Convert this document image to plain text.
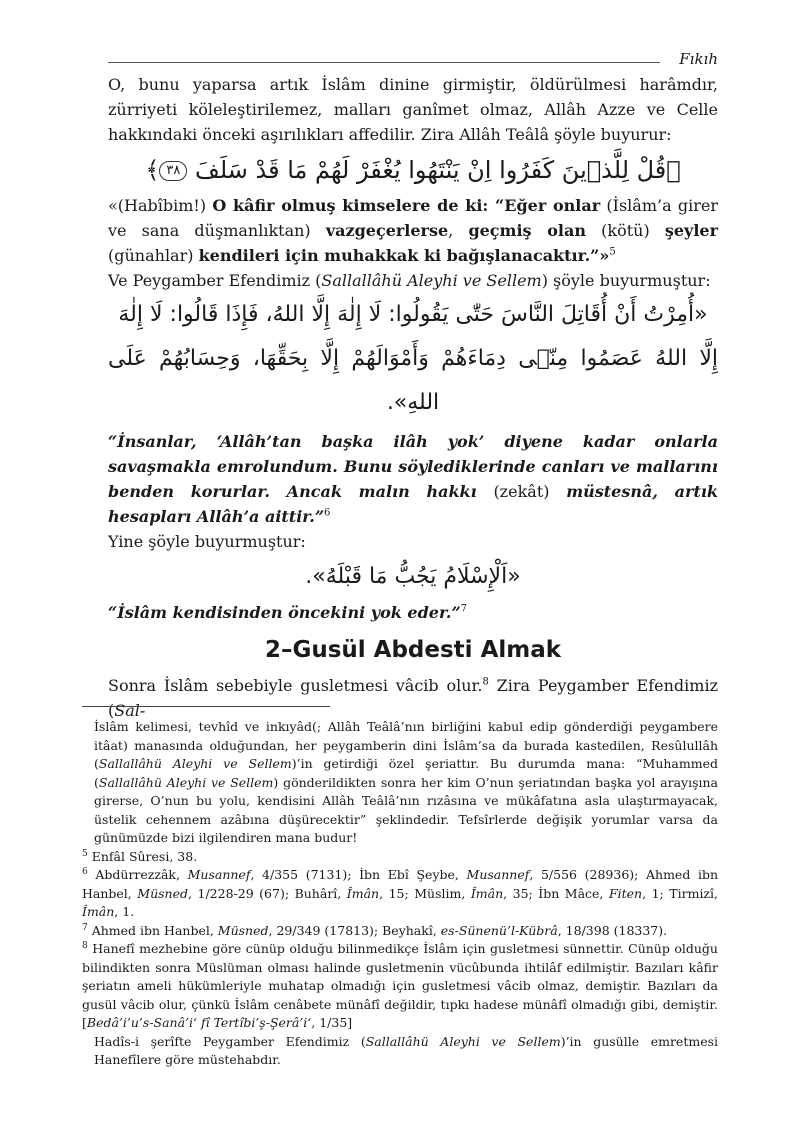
Fıkıh

O, bunu yaparsa artık İslâm dinine girmiştir, öldürülmesi harâmdır, zürriyeti köleleştirilemez, malları ganîmet olmaz, Allâh Azze ve Celle hakkındaki önceki aşırılıkları affedilir. Zira Allâh Teâlâ şöyle buyurur:

﴿قُلْ لِلَّذٖينَ كَفَرُوا اِنْ يَنْتَهُوا يُغْفَرْ لَهُمْ مَا قَدْ سَلَفَ ٣٨﴾

«(Habîbim!) O kâfir olmuş kimselere de ki: “Eğer onlar (İslâm’a girer ve sana düşmanlıktan) vazgeçerlerse, geçmiş olan (kötü) şeyler (günahlar) kendileri için muhakkak ki bağışlanacaktır.”»$^5$

Ve Peygamber Efendimiz (Sallallâhü Aleyhi ve Sellem) şöyle buyurmuştur:

«أُمِرْتُ أَنْ أُقَاتِلَ النَّاسَ حَتّٰى يَقُولُوا: لَا إِلٰهَ إِلَّا اللهُ، فَإِذَا قَالُوا: لَا إِلٰهَ
إِلَّا اللهُ عَصَمُوا مِنّٖى دِمَاءَهُمْ وَأَمْوَالَهُمْ إِلَّا بِحَقِّهَا، وَحِسَابُهُمْ عَلَى اللهِ».

“İnsanlar, ‘Allâh’tan başka ilâh yok’ diyene kadar onlarla savaşmakla emrolundum. Bunu söylediklerinde canları ve mallarını benden korurlar. Ancak malın hakkı (zekât) müstesnâ, artık hesapları Allâh’a aittir.”$^6$

Yine şöyle buyurmuştur:

«اَلْإِسْلَامُ يَجُبُّ مَا قَبْلَهُ».

“İslâm kendisinden öncekini yok eder.”$^7$

2–Gusül Abdesti Almak

Sonra İslâm sebebiyle gusletmesi vâcib olur.$^8$ Zira Peygamber Efendimiz (Sal-

İslâm kelimesi, tevhîd ve inkıyâd(; Allâh Teâlâ’nın birliğini kabul edip gönderdiği peygambere itâat) manasında olduğundan, her peygamberin dini İslâm’sa da burada kastedilen, Resûlullâh (Sallallâhü Aleyhi ve Sellem)’in getirdiği özel şeriattır. Bu durumda mana: “Muhammed (Sallallâhü Aleyhi ve Sellem) gönderildikten sonra her kim O’nun şeriatından başka yol arayışına girerse, O’nun bu yolu, kendisini Allâh Teâlâ’nın rızâsına ve mükâfatına asla ulaştırmayacak, üstelik cehennem azâbına düşürecektir” şeklindedir. Tefsîrlerde değişik yorumlar varsa da günümüzde bizi ilgilendiren mana budur!

$^5$ Enfâl Sûresi, 38.

$^6$ Abdürrezzâk, Musannef, 4/355 (7131); İbn Ebî Şeybe, Musannef, 5/556 (28936); Ahmed ibn Hanbel, Müsned, 1/228-29 (67); Buhârî, Îmân, 15; Müslim, Îmân, 35; İbn Mâce, Fiten, 1; Tirmizî, Îmân, 1.

$^7$ Ahmed ibn Hanbel, Müsned, 29/349 (17813); Beyhakî, es-Sünenü’l-Kübrâ, 18/398 (18337).

$^8$ Hanefî mezhebine göre cünüp olduğu bilinmedikçe İslâm için gusletmesi sünnettir. Cünüp olduğu bilindikten sonra Müslüman olması halinde gusletmenin vücûbunda ihtilâf edilmiştir. Bazıları kâfir şeriatın ameli hükümleriyle muhatap olmadığı için gusletmesi vâcib olmaz, demiştir. Bazıları da gusül vâcib olur, çünkü İslâm cenâbete münâfî değildir, tıpkı hadese münâfî olmadığı gibi, demiştir. [Bedâ’i’u’s-Sanâ’i‘ fî Tertîbi’ş-Şerâ’i‘, 1/35]

Hadîs-i şerîfte Peygamber Efendimiz (Sallallâhü Aleyhi ve Sellem)’in gusülle emretmesi Hanefîlere göre müstehabdır.
